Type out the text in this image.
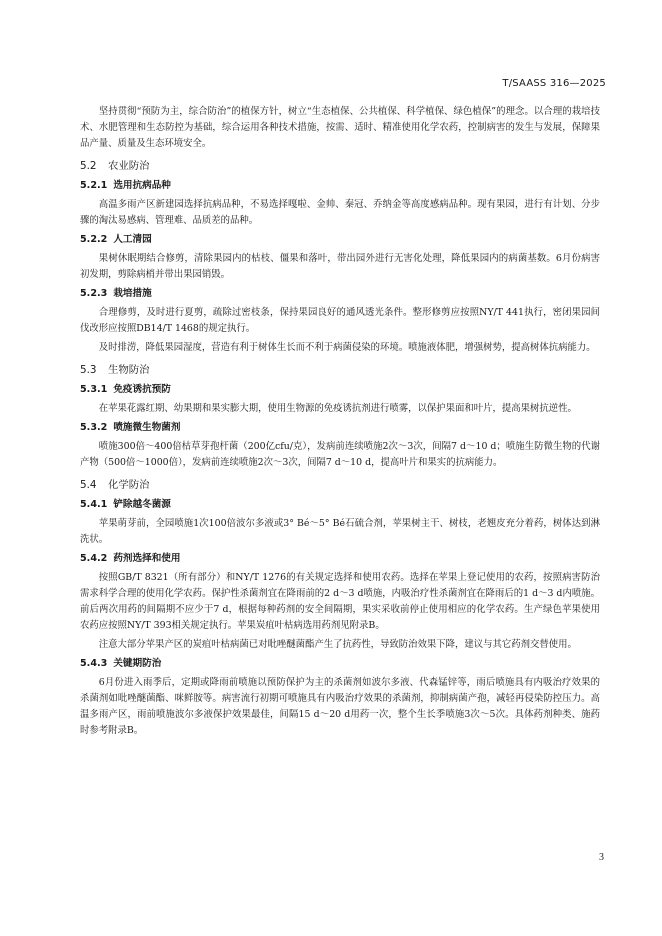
T/SAASS 316—2025

坚持贯彻“预防为主，综合防治”的植保方针，树立“生态植保、公共植保、科学植保、绿色植保”的理念。以合理的栽培技术、水肥管理和生态防控为基础，综合运用各种技术措施，按需、适时、精准使用化学农药，控制病害的发生与发展，保障果品产量、质量及生态环境安全。

5.2 农业防治
5.2.1 选用抗病品种

高温多雨产区新建园选择抗病品种，不易选择嘎啦、金帅、秦冠、乔纳金等高度感病品种。现有果园，进行有计划、分步骤的淘汰易感病、管理难、品质差的品种。

5.2.2 人工清园

果树休眠期结合修剪，清除果园内的枯枝、僵果和落叶，带出园外进行无害化处理，降低果园内的病菌基数。6月份病害初发期，剪除病梢并带出果园销毁。

5.2.3 栽培措施

合理修剪，及时进行夏剪，疏除过密枝条，保持果园良好的通风透光条件。整形修剪应按照NY/T 441执行，密闭果园间伐改形应按照DB14/T 1468的规定执行。

及时排涝，降低果园湿度，营造有利于树体生长而不利于病菌侵染的环境。喷施液体肥，增强树势，提高树体抗病能力。

5.3 生物防治
5.3.1 免疫诱抗预防

在苹果花露红期、幼果期和果实膨大期，使用生物源的免疫诱抗剂进行喷雾，以保护果面和叶片，提高果树抗逆性。

5.3.2 喷施微生物菌剂

喷施300倍～400倍枯草芽孢杆菌（200亿cfu/克），发病前连续喷施2次～3次，间隔7 d～10 d；喷施生防微生物的代谢产物（500倍～1000倍），发病前连续喷施2次～3次，间隔7 d～10 d，提高叶片和果实的抗病能力。

5.4 化学防治
5.4.1 铲除越冬菌源

苹果萌芽前，全园喷施1次100倍波尔多液或3° Bé～5° Bé石硫合剂，苹果树主干、树枝，老翘皮充分着药，树体达到淋洗状。

5.4.2 药剂选择和使用

按照GB/T 8321（所有部分）和NY/T 1276的有关规定选择和使用农药。选择在苹果上登记使用的农药，按照病害防治需求科学合理的使用化学农药。保护性杀菌剂宜在降雨前的2 d～3 d喷施，内吸治疗性杀菌剂宜在降雨后的1 d～3 d内喷施。前后两次用药的间隔期不应少于7 d，根据每种药剂的安全间隔期，果实采收前停止使用相应的化学农药。生产绿色苹果使用农药应按照NY/T 393相关规定执行。苹果炭疽叶枯病选用药剂见附录B。

注意大部分苹果产区的炭疽叶枯病菌已对吡唑醚菌酯产生了抗药性，导致防治效果下降，建议与其它药剂交替使用。

5.4.3 关键期防治

6月份进入雨季后，定期或降雨前喷施以预防保护为主的杀菌剂如波尔多液、代森锰锌等，雨后喷施具有内吸治疗效果的杀菌剂如吡唑醚菌酯、咪鲜胺等。病害流行初期可喷施具有内吸治疗效果的杀菌剂，抑制病菌产孢，减轻再侵染防控压力。高温多雨产区，雨前喷施波尔多液保护效果最佳，间隔15 d～20 d用药一次，整个生长季喷施3次～5次。具体药剂种类、施药时参考附录B。

3
